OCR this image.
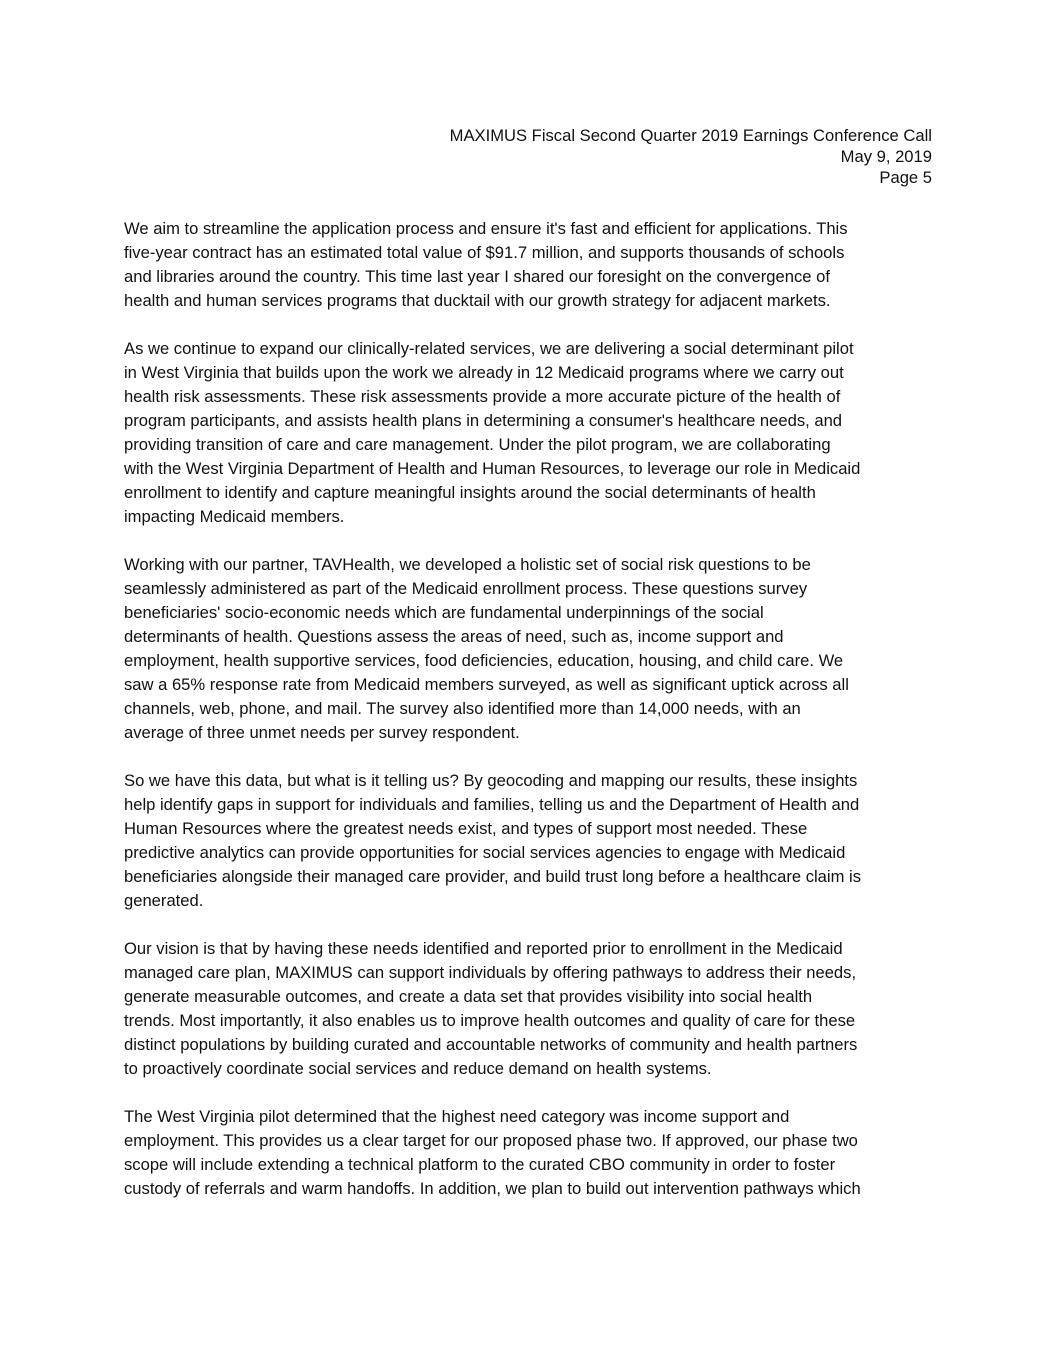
MAXIMUS Fiscal Second Quarter 2019 Earnings Conference Call
May 9, 2019
Page 5

We aim to streamline the application process and ensure it's fast and efficient for applications. This
five-year contract has an estimated total value of $91.7 million, and supports thousands of schools
and libraries around the country. This time last year I shared our foresight on the convergence of
health and human services programs that ducktail with our growth strategy for adjacent markets.

As we continue to expand our clinically-related services, we are delivering a social determinant pilot
in West Virginia that builds upon the work we already in 12 Medicaid programs where we carry out
health risk assessments. These risk assessments provide a more accurate picture of the health of
program participants, and assists health plans in determining a consumer's healthcare needs, and
providing transition of care and care management. Under the pilot program, we are collaborating
with the West Virginia Department of Health and Human Resources, to leverage our role in Medicaid
enrollment to identify and capture meaningful insights around the social determinants of health
impacting Medicaid members.

Working with our partner, TAVHealth, we developed a holistic set of social risk questions to be
seamlessly administered as part of the Medicaid enrollment process. These questions survey
beneficiaries' socio-economic needs which are fundamental underpinnings of the social
determinants of health. Questions assess the areas of need, such as, income support and
employment, health supportive services, food deficiencies, education, housing, and child care. We
saw a 65% response rate from Medicaid members surveyed, as well as significant uptick across all
channels, web, phone, and mail. The survey also identified more than 14,000 needs, with an
average of three unmet needs per survey respondent.

So we have this data, but what is it telling us? By geocoding and mapping our results, these insights
help identify gaps in support for individuals and families, telling us and the Department of Health and
Human Resources where the greatest needs exist, and types of support most needed. These
predictive analytics can provide opportunities for social services agencies to engage with Medicaid
beneficiaries alongside their managed care provider, and build trust long before a healthcare claim is
generated.

Our vision is that by having these needs identified and reported prior to enrollment in the Medicaid
managed care plan, MAXIMUS can support individuals by offering pathways to address their needs,
generate measurable outcomes, and create a data set that provides visibility into social health
trends. Most importantly, it also enables us to improve health outcomes and quality of care for these
distinct populations by building curated and accountable networks of community and health partners
to proactively coordinate social services and reduce demand on health systems.

The West Virginia pilot determined that the highest need category was income support and
employment. This provides us a clear target for our proposed phase two. If approved, our phase two
scope will include extending a technical platform to the curated CBO community in order to foster
custody of referrals and warm handoffs. In addition, we plan to build out intervention pathways which
